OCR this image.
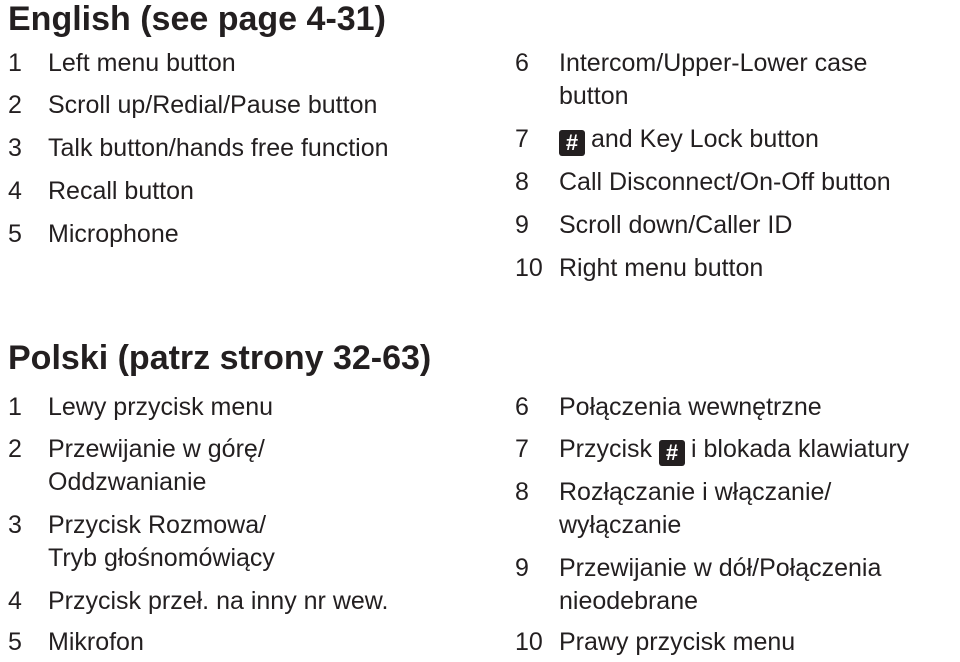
English (see page 4-31)
1 Left menu button
2 Scroll up/Redial/Pause button
3 Talk button/hands free function
4 Recall button
5 Microphone
6 Intercom/Upper-Lower case
button
7	# and Key Lock button
8 Call Disconnect/On-Off button
9 Scroll down/Caller ID
10 Right menu button
Polski (patrz strony 32-63)
1 Lewy przycisk menu
2 Przewijanie w górę/
Oddzwanianie
3 Przycisk Rozmowa/
Tryb głośnomówiący
4 Przycisk przeł. na inny nr wew.
5 Mikrofon
6 Połączenia wewnętrzne
7 Przycisk # i blokada klawiatury
8 Rozłączanie i włączanie/
wyłączanie
9 Przewijanie w dół/Połączenia
nieodebrane
10 Prawy przycisk menu
